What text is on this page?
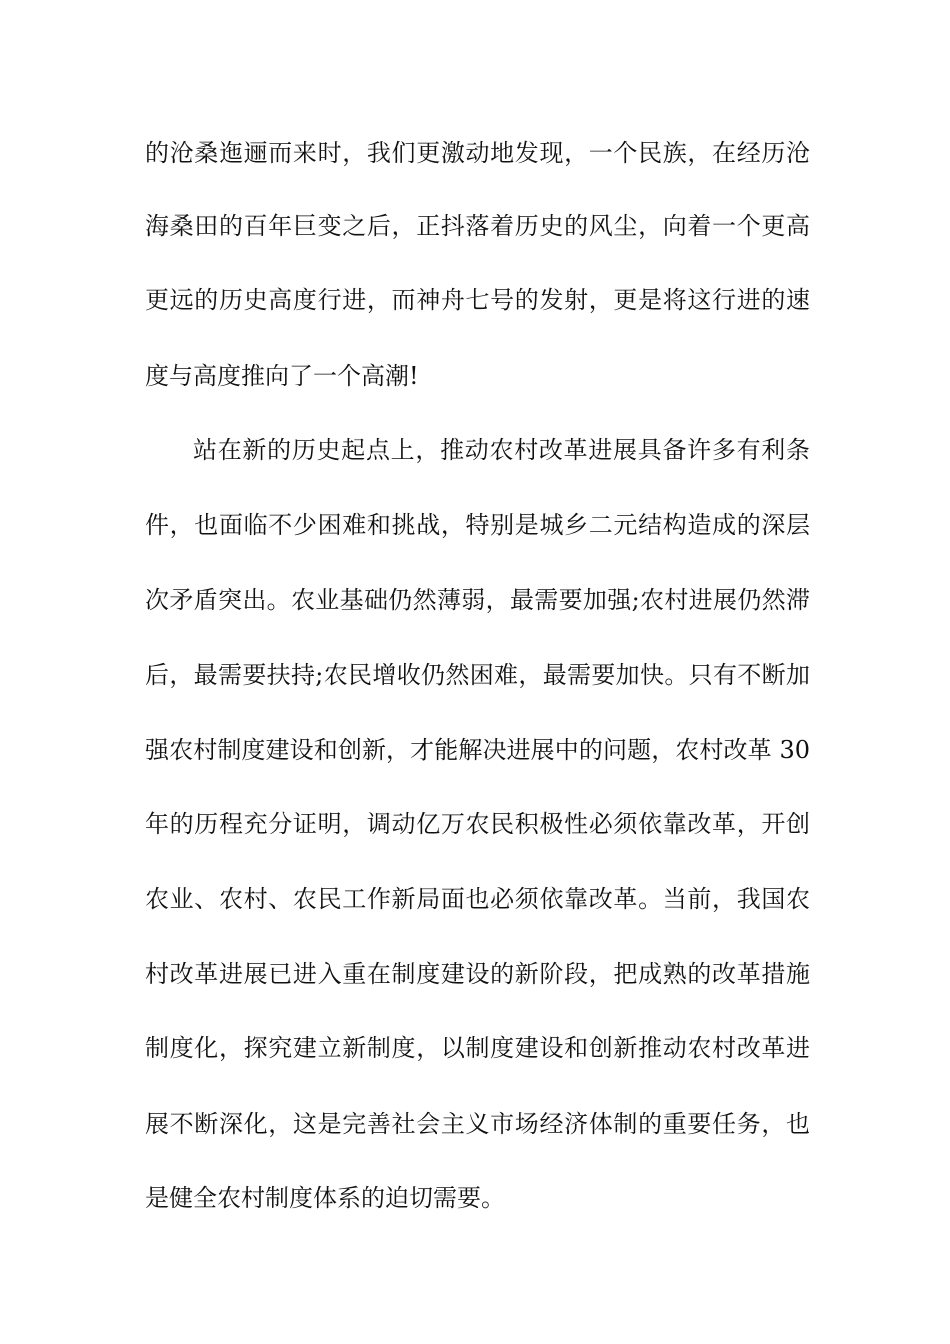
的沧桑迤逦而来时，我们更激动地发现，一个民族，在经历沧
海桑田的百年巨变之后，正抖落着历史的风尘，向着一个更高
更远的历史高度行进，而神舟七号的发射，更是将这行进的速
度与高度推向了一个高潮!
站在新的历史起点上，推动农村改革进展具备许多有利条
件，也面临不少困难和挑战，特别是城乡二元结构造成的深层
次矛盾突出。农业基础仍然薄弱，最需要加强;农村进展仍然滞
后，最需要扶持;农民增收仍然困难，最需要加快。只有不断加
强农村制度建设和创新，才能解决进展中的问题，农村改革 30
年的历程充分证明，调动亿万农民积极性必须依靠改革，开创
农业、农村、农民工作新局面也必须依靠改革。当前，我国农
村改革进展已进入重在制度建设的新阶段，把成熟的改革措施
制度化，探究建立新制度，以制度建设和创新推动农村改革进
展不断深化，这是完善社会主义市场经济体制的重要任务，也
是健全农村制度体系的迫切需要。
